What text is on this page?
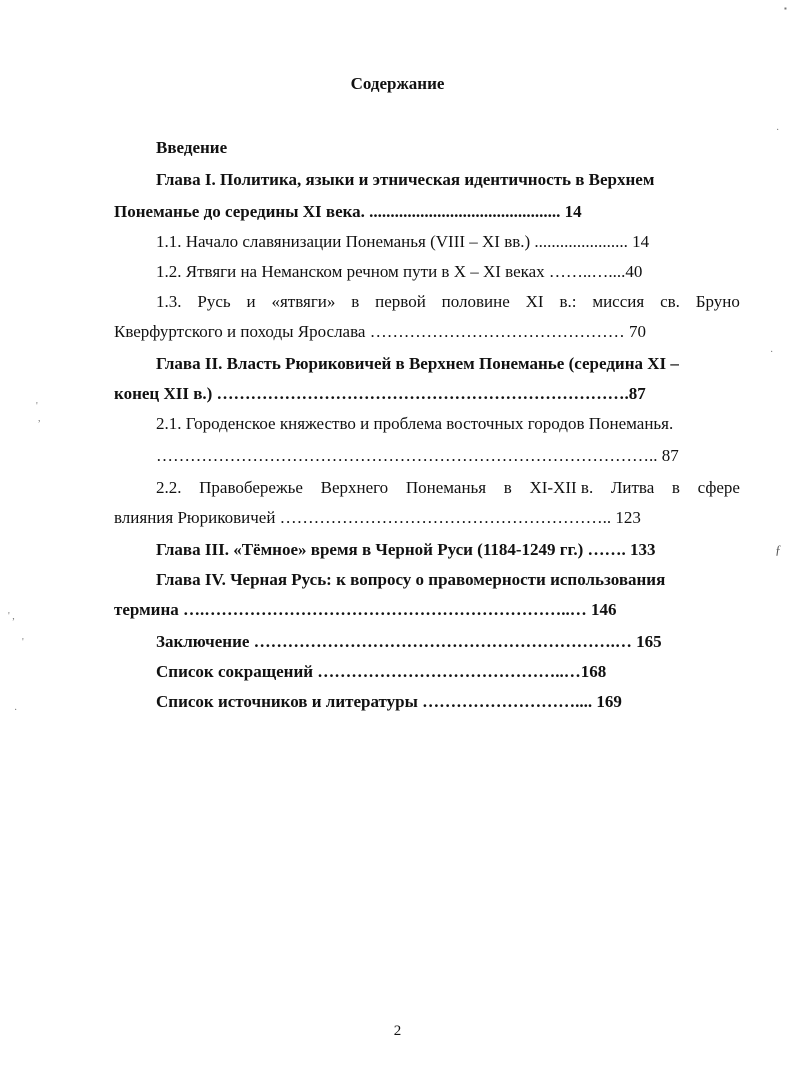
Содержание
Введение
Глава I. Политика, языки и этническая идентичность в Верхнем
Понеманье до середины XI века. ............................................. 14
1.1. Начало славянизации Понеманья (VIII – XI вв.) ...................... 14
1.2. Ятвяги на Неманском речном пути в X – XI веках ……..…....40
1.3. Русь и «ятвяги» в первой половине XI в.: миссия св. Бруно
Кверфуртского и походы Ярослава ……………………………………… 70
Глава II. Власть Рюриковичей в Верхнем Понеманье (середина XI –
конец XII в.) ……………………………………………………………….87
2.1. Городенское княжество и проблема восточных городов Понеманья.
…………………………………………………………………………….. 87
2.2. Правобережье Верхнего Понеманья в XI-XII в. Литва в сфере
влияния Рюриковичей ………………………………………………….. 123
Глава III. «Тёмное» время в Черной Руси (1184-1249 гг.) ……. 133
Глава IV. Черная Русь: к вопросу о правомерности использования
термина ….………………………………………………………..… 146
Заключение ……………………………………………………….… 165
Список сокращений ……………………………………..…168
Список источников и литературы ……………………….... 169
2
▪
·
·
ƒ
'
,
' ,
'
·
